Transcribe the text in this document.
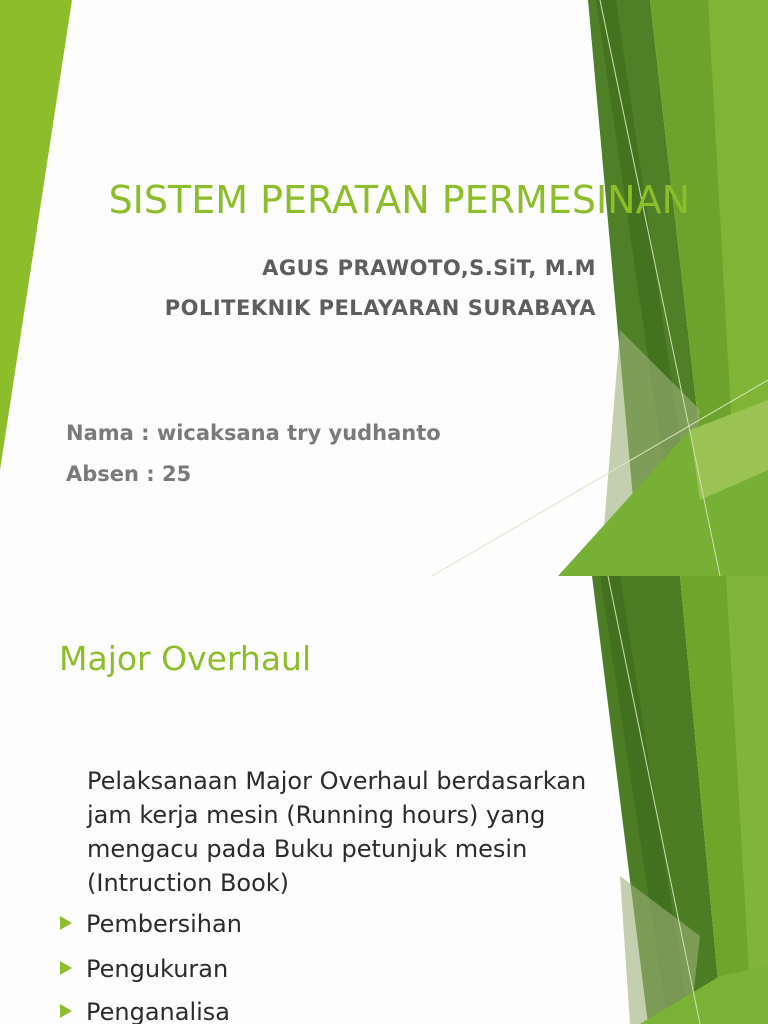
SISTEM PERATAN PERMESINAN
AGUS PRAWOTO,S.SiT, M.M
POLITEKNIK PELAYARAN SURABAYA
Nama : wicaksana try yudhanto
Absen : 25
Major Overhaul
Pelaksanaan Major Overhaul berdasarkan jam kerja mesin (Running hours) yang mengacu pada Buku petunjuk mesin (Intruction Book)
Pembersihan
Pengukuran
Penganalisa
